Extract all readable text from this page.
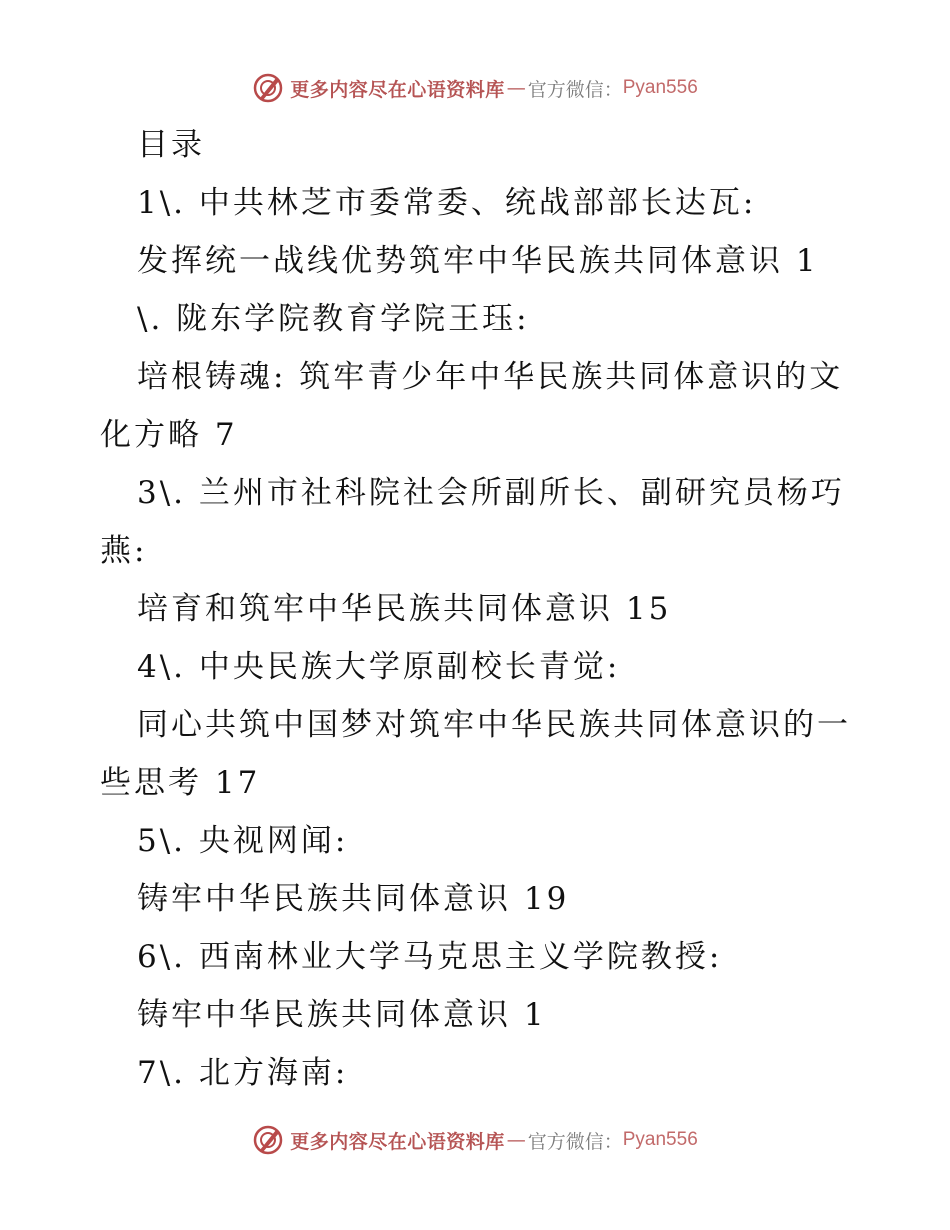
更多内容尽在心语资料库 — 官方微信： Pyan556
目录
1\. 中共林芝市委常委、统战部部长达瓦:
发挥统一战线优势筑牢中华民族共同体意识 1
\. 陇东学院教育学院王珏:
培根铸魂: 筑牢青少年中华民族共同体意识的文
化方略 7
3\. 兰州市社科院社会所副所长、副研究员杨巧
燕:
培育和筑牢中华民族共同体意识 15
4\. 中央民族大学原副校长青觉:
同心共筑中国梦对筑牢中华民族共同体意识的一
些思考 17
5\. 央视网闻:
铸牢中华民族共同体意识 19
6\. 西南林业大学马克思主义学院教授:
铸牢中华民族共同体意识 1
7\. 北方海南:
更多内容尽在心语资料库 — 官方微信： Pyan556
